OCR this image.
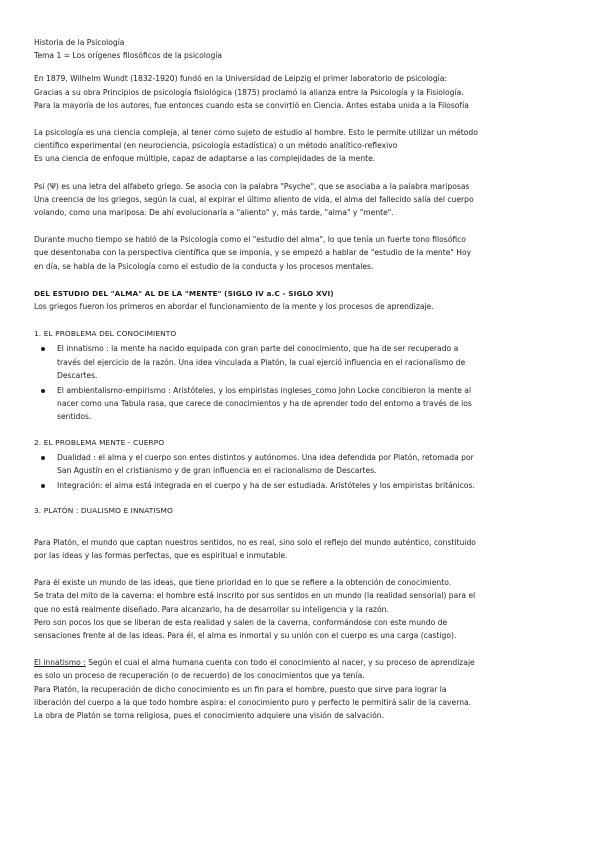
Historia de la Psicología

Tema 1 = Los orígenes filosóficos de la psicología

En 1879, Wilhelm Wundt (1832-1920) fundó en la Universidad de Leipzig el primer laboratorio de psicología:

Gracias a su obra Principios de psicología fisiológica (1875) proclamó la alianza entre la Psicología y la Fisiología.

Para la mayoría de los autores, fue entonces cuando esta se convirtió en Ciencia. Antes estaba unida a la Filosofía

La psicología es una ciencia compleja, al tener como sujeto de estudio al hombre. Esto le permite utilizar un método

científico experimental (en neurociencia, psicología estadística) o un método analítico-reflexivo

Es una ciencia de enfoque múltiple, capaz de adaptarse a las complejidades de la mente.

Psi (Ψ) es una letra del alfabeto griego. Se asocia con la palabra "Psyche", que se asociaba a la palabra mariposas

Una creencia de los griegos, según la cual, al expirar el último aliento de vida, el alma del fallecido salía del cuerpo

volando, como una mariposa. De ahí evolucionaría a "aliento" y, más tarde, "alma" y "mente".

Durante mucho tiempo se habló de la Psicología como el "estudio del alma", lo que tenía un fuerte tono filosófico

que desentonaba con la perspectiva científica que se imponía, y se empezó a hablar de "estudio de la mente" Hoy

en día, se habla de la Psicología como el estudio de la conducta y los procesos mentales.

DEL ESTUDIO DEL "ALMA" AL DE LA "MENTE" (SIGLO IV a.C - SIGLO XVI)

Los griegos fueron los primeros en abordar el funcionamiento de la mente y los procesos de aprendizaje.

1. EL PROBLEMA DEL CONOCIMIENTO

El innatismo : la mente ha nacido equipada con gran parte del conocimiento, que ha de ser recuperado a

través del ejercicio de la razón. Una idea vinculada a Platón, la cual ejerció influencia en el racionalismo de

Descartes.

El ambientalismo-empirismo : Aristóteles, y los empiristas ingleses_como John Locke concibieron la mente al

nacer como una Tabula rasa, que carece de conocimientos y ha de aprender todo del entorno a través de los

sentidos.

2. EL PROBLEMA MENTE - CUERPO

Dualidad : el alma y el cuerpo son entes distintos y autónomos. Una idea defendida por Platón, retomada por

San Agustín en el cristianismo y de gran influencia en el racionalismo de Descartes.

Integración: el alma está integrada en el cuerpo y ha de ser estudiada. Aristóteles y los empiristas británicos.

3. PLATÓN : DUALISMO E INNATISMO

Para Platón, el mundo que captan nuestros sentidos, no es real, sino solo el reflejo del mundo auténtico, constituido

por las ideas y las formas perfectas, que es espiritual e inmutable.

Para él existe un mundo de las ideas, que tiene prioridad en lo que se refiere a la obtención de conocimiento.

Se trata del mito de la caverna: el hombre está inscrito por sus sentidos en un mundo (la realidad sensorial) para el

que no está realmente diseñado. Para alcanzarlo, ha de desarrollar su inteligencia y la razón.

Pero son pocos los que se liberan de esta realidad y salen de la caverna, conformándose con este mundo de

sensaciones frente al de las ideas. Para él, el alma es inmortal y su unión con el cuerpo es una carga (castigo).

El innatismo : Según el cual el alma humana cuenta con todo el conocimiento al nacer, y su proceso de aprendizaje

es solo un proceso de recuperación (o de recuerdo) de los conocimientos que ya tenía.

Para Platón, la recuperación de dicho conocimiento es un fin para el hombre, puesto que sirve para lograr la

liberación del cuerpo a la que todo hombre aspira: el conocimiento puro y perfecto le permitirá salir de la caverna.

La obra de Platón se torna religiosa, pues el conocimiento adquiere una visión de salvación.
